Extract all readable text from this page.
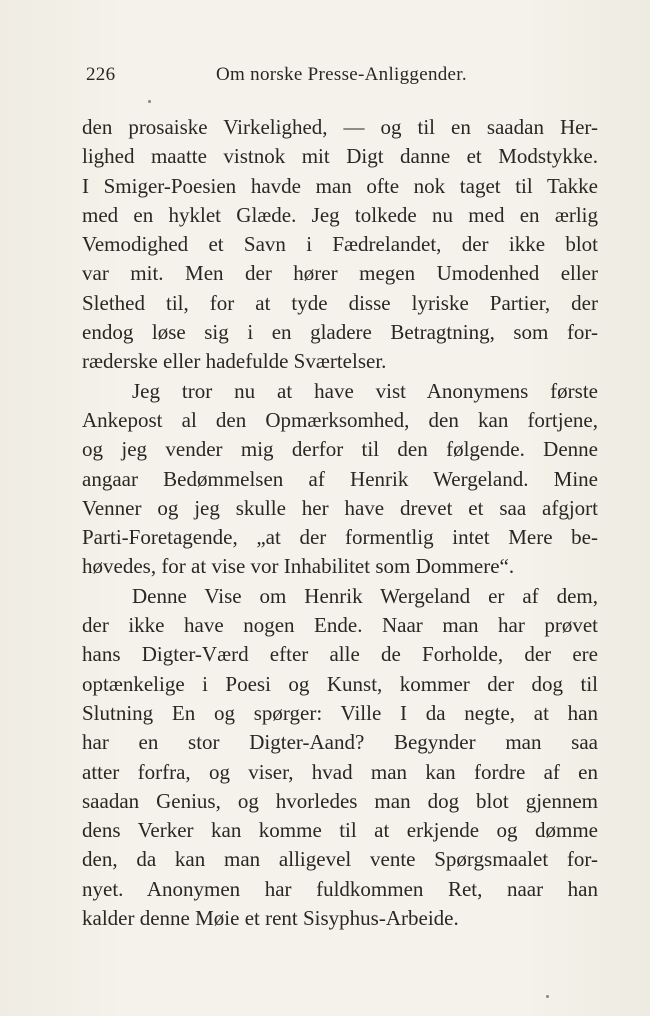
226	Om norske Presse-Anliggender.
den prosaiske Virkelighed, — og til en saadan Her-
lighed maatte vistnok mit Digt danne et Modstykke.
I Smiger-Poesien havde man ofte nok taget til Takke
med en hyklet Glæde. Jeg tolkede nu med en ærlig
Vemodighed et Savn i Fædrelandet, der ikke blot
var mit. Men der hører megen Umodenhed eller
Slethed til, for at tyde disse lyriske Partier, der
endog løse sig i en gladere Betragtning, som for-
ræderske eller hadefulde Sværtelser.
Jeg tror nu at have vist Anonymens første
Ankepost al den Opmærksomhed, den kan fortjene,
og jeg vender mig derfor til den følgende. Denne
angaar Bedømmelsen af Henrik Wergeland. Mine
Venner og jeg skulle her have drevet et saa afgjort
Parti-Foretagende, „at der formentlig intet Mere be-
høvedes, for at vise vor Inhabilitet som Dommere“.
Denne Vise om Henrik Wergeland er af dem,
der ikke have nogen Ende. Naar man har prøvet
hans Digter-Værd efter alle de Forholde, der ere
optænkelige i Poesi og Kunst, kommer der dog til
Slutning En og spørger: Ville I da negte, at han
har en stor Digter-Aand? Begynder man saa
atter forfra, og viser, hvad man kan fordre af en
saadan Genius, og hvorledes man dog blot gjennem
dens Verker kan komme til at erkjende og dømme
den, da kan man alligevel vente Spørgsmaalet for-
nyet. Anonymen har fuldkommen Ret, naar han
kalder denne Møie et rent Sisyphus-Arbeide.
